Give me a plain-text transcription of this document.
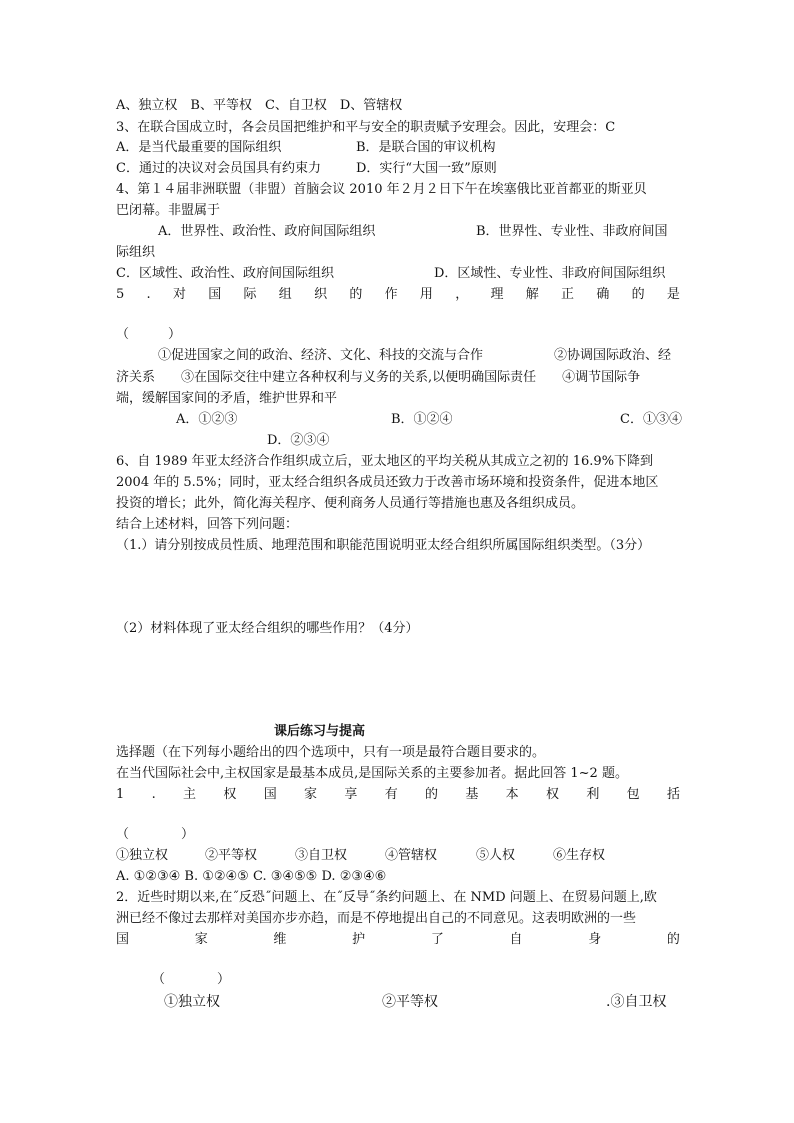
A、独立权　B、平等权　C、自卫权　D、管辖权
3、在联合国成立时，各会员国把维护和平与安全的职责赋予安理会。因此，安理会：C
A．是当代最重要的国际组织	B．是联合国的审议机构
C．通过的决议对会员国具有约束力	D．实行“大国一致”原则
4、第１４届非洲联盟（非盟）首脑会议 2010 年２月２日下午在埃塞俄比亚首都亚的斯亚贝
巴闭幕。非盟属于
A．世界性、政治性、政府间国际组织	B．世界性、专业性、非政府间国
际组织
C．区域性、政治性、政府间国际组织	D．区域性、专业性、非政府间国际组织
5 . 对 国 际 组 织 的 作 用 ， 理 解 正 确 的 是
（　　　）
①促进国家之间的政治、经济、文化、科技的交流与合作	②协调国际政治、经
济关系　　③在国际交往中建立各种权利与义务的关系,以便明确国际责任　　④调节国际争
端，缓解国家间的矛盾，维护世界和平
A．①②③	B．①②④	C．①③④
D．②③④
6、自 1989 年亚太经济合作组织成立后，亚太地区的平均关税从其成立之初的 16.9%下降到
2004 年的 5.5%；同时，亚太经合组织各成员还致力于改善市场环境和投资条件，促进本地区
投资的增长；此外，简化海关程序、便利商务人员通行等措施也惠及各组织成员。
结合上述材料，回答下列问题：
（1.）请分别按成员性质、地理范围和职能范围说明亚太经合组织所属国际组织类型。（3分）
（2）材料体现了亚太经合组织的哪些作用？（4分）
课后练习与提高
选择题（在下列每小题给出的四个选项中，只有一项是最符合题目要求的。
在当代国际社会中,主权国家是最基本成员,是国际关系的主要参加者。据此回答 1~2 题。
1 . 主 权 国 家 享 有 的 基 本 权 利 包 括
（　　　　）
①独立权	②平等权	③自卫权	④管辖权	⑤人权	⑥生存权
A. ①②③④ B. ①②④⑤ C. ③④⑤⑤ D. ②③④⑥
2．近些时期以来,在˝反恐˝问题上、在˝反导˝条约问题上、在 NMD 问题上、在贸易问题上,欧
洲已经不像过去那样对美国亦步亦趋，而是不停地提出自己的不同意见。这表明欧洲的一些
国	家	维	护	了	自	身	的
（　　　　）
①独立权	②平等权	.③自卫权
